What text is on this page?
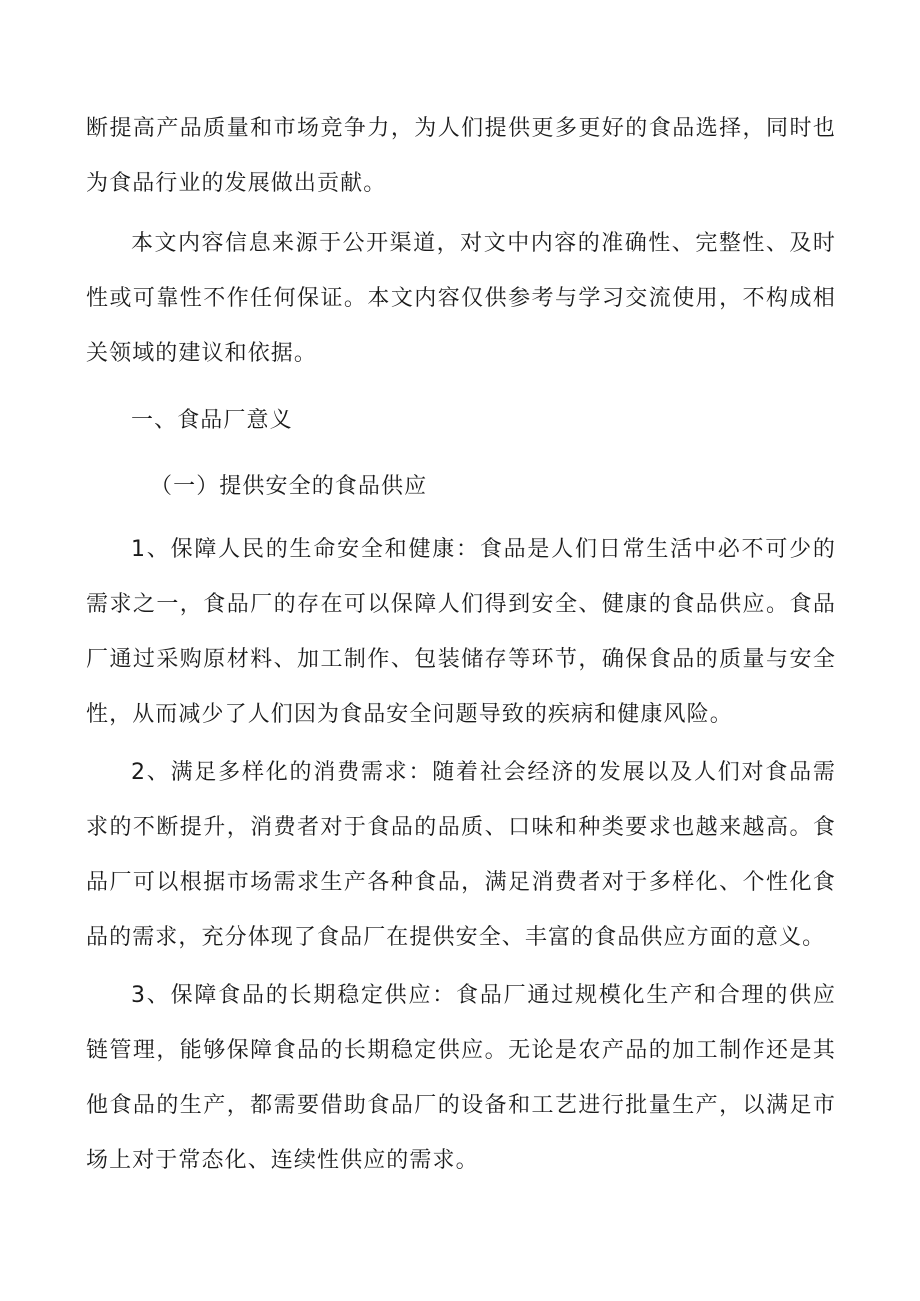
断提高产品质量和市场竞争力，为人们提供更多更好的食品选择，同时也为食品行业的发展做出贡献。

本文内容信息来源于公开渠道，对文中内容的准确性、完整性、及时性或可靠性不作任何保证。本文内容仅供参考与学习交流使用，不构成相关领域的建议和依据。

一、食品厂意义

（一）提供安全的食品供应

1、保障人民的生命安全和健康：食品是人们日常生活中必不可少的需求之一，食品厂的存在可以保障人们得到安全、健康的食品供应。食品厂通过采购原材料、加工制作、包装储存等环节，确保食品的质量与安全性，从而减少了人们因为食品安全问题导致的疾病和健康风险。

2、满足多样化的消费需求：随着社会经济的发展以及人们对食品需求的不断提升，消费者对于食品的品质、口味和种类要求也越来越高。食品厂可以根据市场需求生产各种食品，满足消费者对于多样化、个性化食品的需求，充分体现了食品厂在提供安全、丰富的食品供应方面的意义。

3、保障食品的长期稳定供应：食品厂通过规模化生产和合理的供应链管理，能够保障食品的长期稳定供应。无论是农产品的加工制作还是其他食品的生产，都需要借助食品厂的设备和工艺进行批量生产，以满足市场上对于常态化、连续性供应的需求。
